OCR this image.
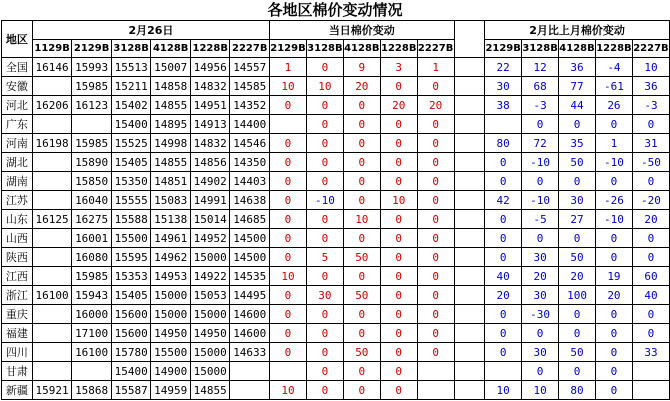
各地区棉价变动情况
地区	2月26日						当日棉价变动						2月比上月棉价变动				
	1129B	2129B	3128B	4128B	1228B	2227B	2129B	3128B	4128B	1228B	2227B		2129B	3128B	4128B	1228B	2227B
全国	16146	15993	15513	15007	14956	14557	1	0	9	3	1		22	12	36	-4	10
安徽		15985	15211	14858	14832	14585	10	10	20	0	0		30	68	77	-61	36
河北	16206	16123	15402	14855	14951	14352	0	0	0	20	20		38	-3	44	26	-3
广东			15400	14895	14913	14400		0	0	0	0			0	0	0	0
河南	16198	15985	15525	14998	14832	14546	0	0	0	0	0		80	72	35	1	31
湖北		15890	15405	14855	14856	14350	0	0	0	0	0		0	-10	50	-10	-50
湖南		15850	15350	14851	14902	14403	0	0	0	0	0		0	0	0	0	0
江苏		16040	15555	15083	14991	14638	0	-10	0	10	0		42	-10	30	-26	-20
山东	16125	16275	15588	15138	15014	14685	0	0	10	0	0		0	-5	27	-10	20
山西		16001	15500	14961	14952	14500	0	0	0	0	0		0	0	0	0	0
陕西		16080	15595	14962	15000	14500	0	5	50	0	0		0	30	50	0	0
江西		15985	15353	14953	14922	14535	10	0	0	0	0		40	20	20	19	60
浙江	16100	15943	15405	15000	15053	14495	0	30	50	0	0		20	30	100	20	40
重庆		16000	15600	15000	15000	14600	0	0	0	0	0		0	-30	0	0	0
福建		17100	15600	14950	14950	14600	0	0	0	0	0		0	0	0	0	0
四川		16100	15780	15500	15000	14633	0	0	50	0	0		0	30	50	0	33
甘肃			15400	14900	15000			0	0	0				0	0	0	
新疆	15921	15868	15587	14959	14855		10	0	0	0			10	10	80	0	
